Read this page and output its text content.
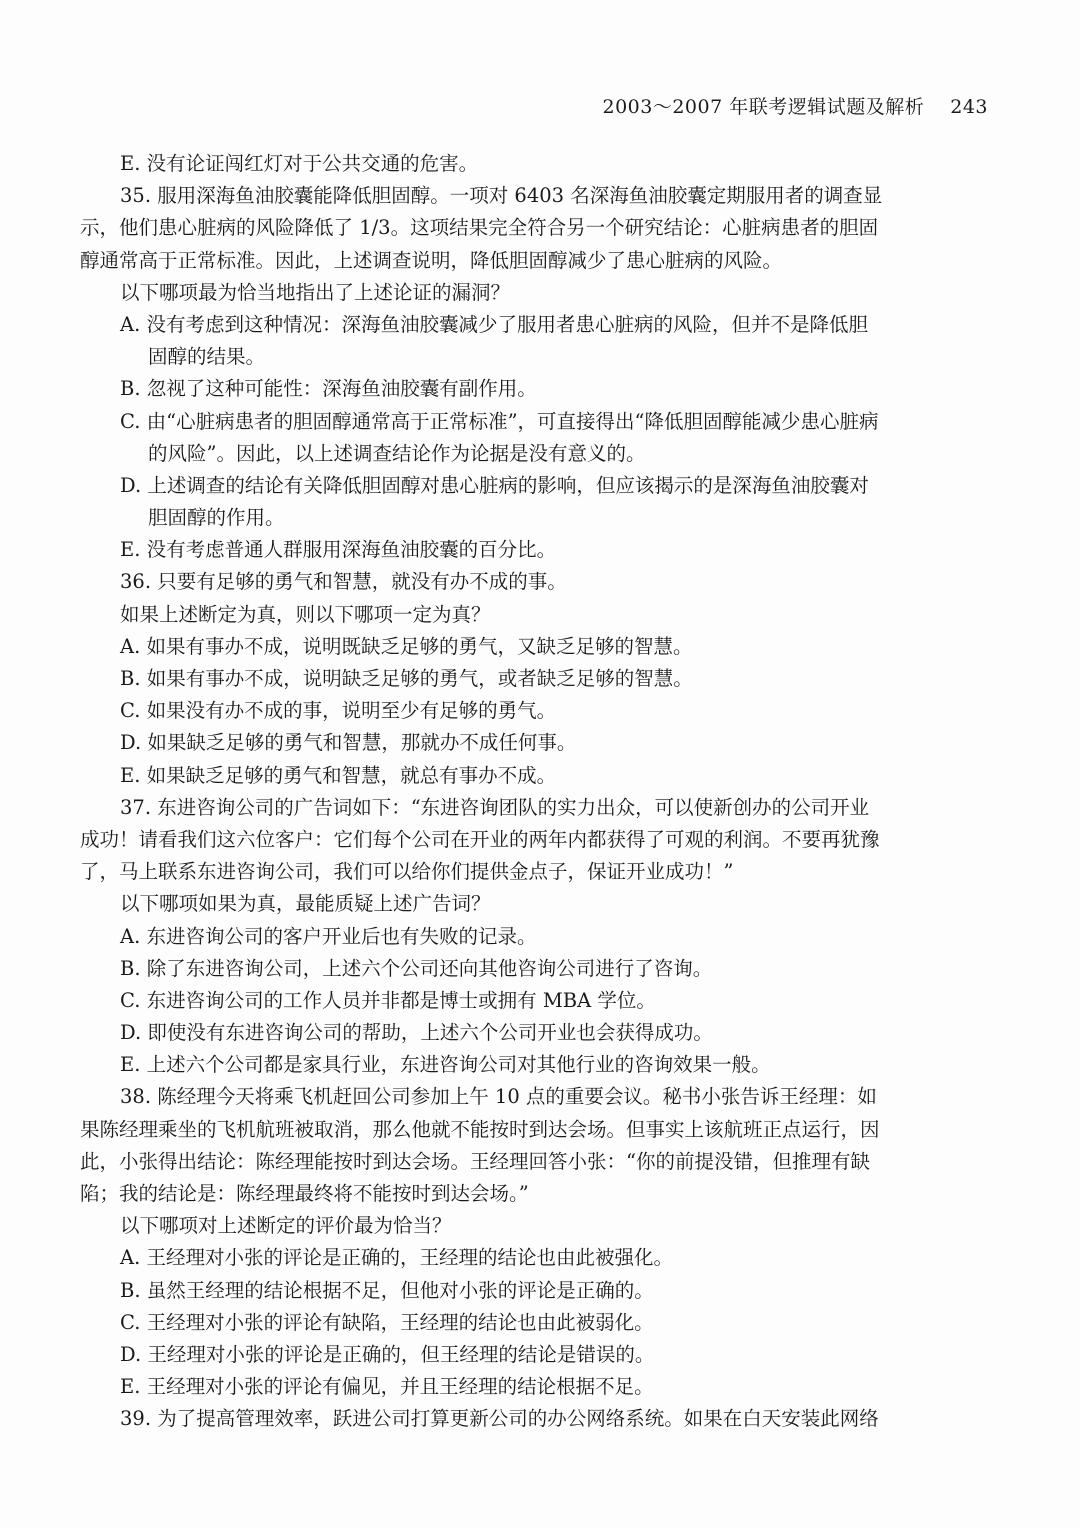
2003～2007 年联考逻辑试题及解析 243
E. 没有论证闯红灯对于公共交通的危害。
35. 服用深海鱼油胶囊能降低胆固醇。一项对 6403 名深海鱼油胶囊定期服用者的调查显
示，他们患心脏病的风险降低了 1/3。这项结果完全符合另一个研究结论：心脏病患者的胆固
醇通常高于正常标准。因此，上述调查说明，降低胆固醇减少了患心脏病的风险。
以下哪项最为恰当地指出了上述论证的漏洞？
A. 没有考虑到这种情况：深海鱼油胶囊减少了服用者患心脏病的风险，但并不是降低胆
固醇的结果。
B. 忽视了这种可能性：深海鱼油胶囊有副作用。
C. 由“心脏病患者的胆固醇通常高于正常标准”，可直接得出“降低胆固醇能减少患心脏病
的风险”。因此，以上述调查结论作为论据是没有意义的。
D. 上述调查的结论有关降低胆固醇对患心脏病的影响，但应该揭示的是深海鱼油胶囊对
胆固醇的作用。
E. 没有考虑普通人群服用深海鱼油胶囊的百分比。
36. 只要有足够的勇气和智慧，就没有办不成的事。
如果上述断定为真，则以下哪项一定为真？
A. 如果有事办不成，说明既缺乏足够的勇气，又缺乏足够的智慧。
B. 如果有事办不成，说明缺乏足够的勇气，或者缺乏足够的智慧。
C. 如果没有办不成的事，说明至少有足够的勇气。
D. 如果缺乏足够的勇气和智慧，那就办不成任何事。
E. 如果缺乏足够的勇气和智慧，就总有事办不成。
37. 东进咨询公司的广告词如下：“东进咨询团队的实力出众，可以使新创办的公司开业
成功！请看我们这六位客户：它们每个公司在开业的两年内都获得了可观的利润。不要再犹豫
了，马上联系东进咨询公司，我们可以给你们提供金点子，保证开业成功！”
以下哪项如果为真，最能质疑上述广告词？
A. 东进咨询公司的客户开业后也有失败的记录。
B. 除了东进咨询公司，上述六个公司还向其他咨询公司进行了咨询。
C. 东进咨询公司的工作人员并非都是博士或拥有 MBA 学位。
D. 即使没有东进咨询公司的帮助，上述六个公司开业也会获得成功。
E. 上述六个公司都是家具行业，东进咨询公司对其他行业的咨询效果一般。
38. 陈经理今天将乘飞机赶回公司参加上午 10 点的重要会议。秘书小张告诉王经理：如
果陈经理乘坐的飞机航班被取消，那么他就不能按时到达会场。但事实上该航班正点运行，因
此，小张得出结论：陈经理能按时到达会场。王经理回答小张：“你的前提没错，但推理有缺
陷；我的结论是：陈经理最终将不能按时到达会场。”
以下哪项对上述断定的评价最为恰当？
A. 王经理对小张的评论是正确的，王经理的结论也由此被强化。
B. 虽然王经理的结论根据不足，但他对小张的评论是正确的。
C. 王经理对小张的评论有缺陷，王经理的结论也由此被弱化。
D. 王经理对小张的评论是正确的，但王经理的结论是错误的。
E. 王经理对小张的评论有偏见，并且王经理的结论根据不足。
39. 为了提高管理效率，跃进公司打算更新公司的办公网络系统。如果在白天安装此网络
